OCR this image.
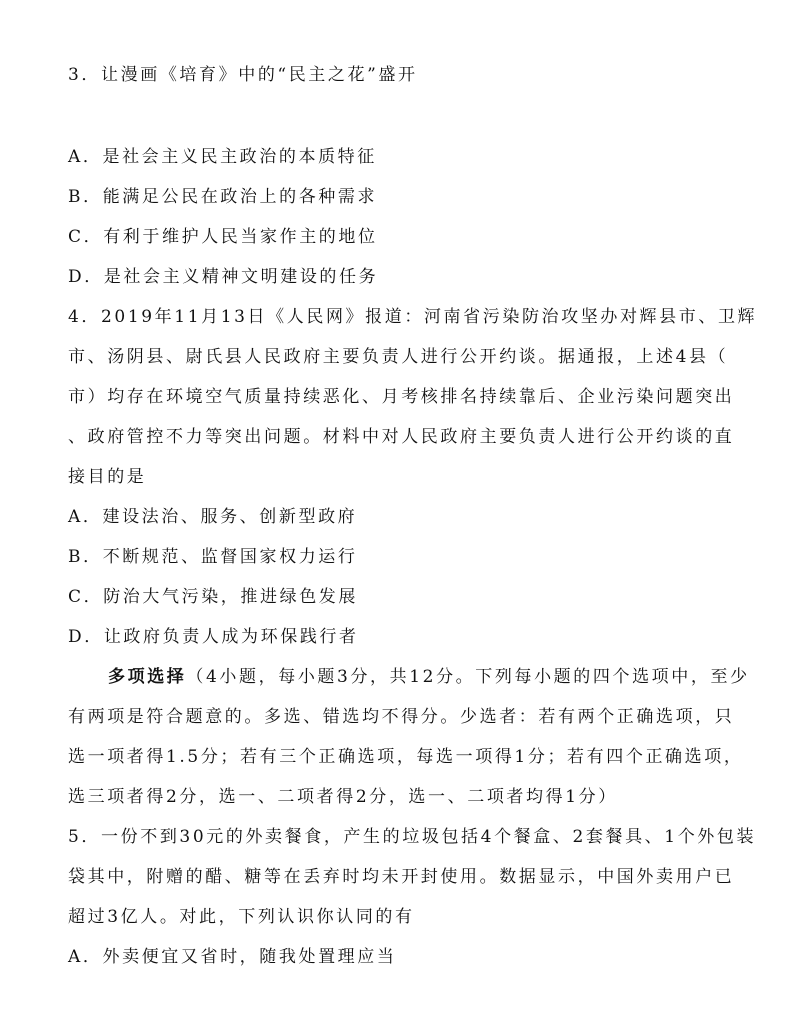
3．让漫画《培育》中的“民主之花”盛开
A．是社会主义民主政治的本质特征
B．能满足公民在政治上的各种需求
C．有利于维护人民当家作主的地位
D．是社会主义精神文明建设的任务
4．2019年11月13日《人民网》报道：河南省污染防治攻坚办对辉县市、卫辉
市、汤阴县、尉氏县人民政府主要负责人进行公开约谈。据通报，上述4县（
市）均存在环境空气质量持续恶化、月考核排名持续靠后、企业污染问题突出
、政府管控不力等突出问题。材料中对人民政府主要负责人进行公开约谈的直
接目的是
A．建设法治、服务、创新型政府
B．不断规范、监督国家权力运行
C．防治大气污染，推进绿色发展
D．让政府负责人成为环保践行者
多项选择（4小题，每小题3分，共12分。下列每小题的四个选项中，至少
有两项是符合题意的。多选、错选均不得分。少选者：若有两个正确选项，只
选一项者得1.5分；若有三个正确选项，每选一项得1分；若有四个正确选项，
选三项者得2分，选一、二项者得2分，选一、二项者均得1分）
5．一份不到30元的外卖餐食，产生的垃圾包括4个餐盒、2套餐具、1个外包装
袋其中，附赠的醋、糖等在丢弃时均未开封使用。数据显示，中国外卖用户已
超过3亿人。对此，下列认识你认同的有
A．外卖便宜又省时，随我处置理应当
